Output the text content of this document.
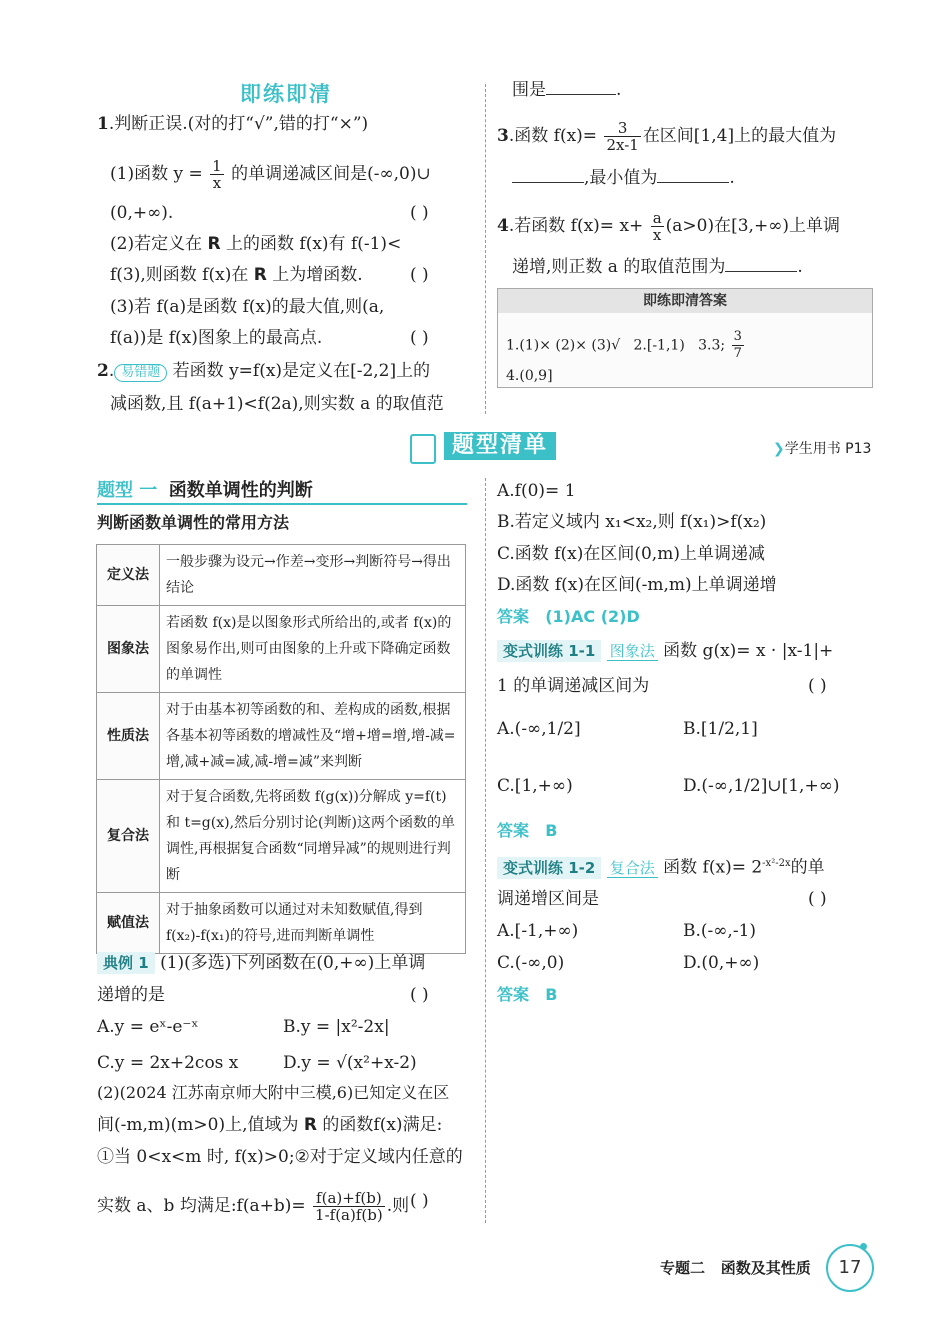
即练即清
1.判断正误.(对的打“√”,错的打“×”)
(1)函数 $y = \frac{1}{x}$ 的单调递减区间是(-∞,0)∪
(0,+∞).	( )
(2)若定义在 R 上的函数 f(x)有 f(-1)<
f(3),则函数 f(x)在 R 上为增函数.	( )
(3)若 f(a)是函数 f(x)的最大值,则(a,
f(a))是 f(x)图象上的最高点.	( )
2. 易错题 若函数 y=f(x)是定义在[-2,2]上的
减函数,且 f(a+1)<f(2a),则实数 a 的取值范
围是	.
3.函数 $f(x)= \frac{3}{2x-1}$ 在区间[1,4]上的最大值为
,最小值为	.
4.若函数 $f(x)= x+ \frac{a}{x} (a>0)$在[3,+∞)上单调
递增,则正数 a 的取值范围为	.
即练即清答案
1.(1)× (2)× (3)√ 2.[-1,1) 3.3; $\frac{3}{7}$
4.(0,9]
题型清单	❯学生用书 P13
题型 一 函数单调性的判断
判断函数单调性的常用方法
定义法	一般步骤为设元→作差→变形→判断符号→得出结论
图象法	若函数 f(x)是以图象形式所给出的,或者 f(x)的图象易作出,则可由图象的上升或下降确定函数的单调性
性质法	对于由基本初等函数的和、差构成的函数,根据各基本初等函数的增减性及“增+增=增,增-减=增,减+减=减,减-增=减”来判断
复合法	对于复合函数,先将函数 f(g(x))分解成 y=f(t)和 t=g(x),然后分别讨论(判断)这两个函数的单调性,再根据复合函数“同增异减”的规则进行判断
赋值法	对于抽象函数可以通过对未知数赋值,得到 f(x₂)-f(x₁)的符号,进而判断单调性
典例 1 (1)(多选)下列函数在(0,+∞)上单调
递增的是	( )
A.y = eˣ-e⁻ˣ	B.y = |x²-2x|
C.y = 2x+2cos x	D.y = √(x²+x-2)
(2)(2024 江苏南京师大附中三模,6)已知定义在区
间(-m,m)(m>0)上,值域为 R 的函数f(x)满足:
①当 0<x<m 时, f(x)>0;②对于定义域内任意的
实数 a、b 均满足:f(a+b)= $\frac{f(a)+f(b)}{1-f(a)f(b)}$ .则 ( )
A.f(0)= 1
B.若定义域内 x₁<x₂,则 f(x₁)>f(x₂)
C.函数 f(x)在区间(0,m)上单调递减
D.函数 f(x)在区间(-m,m)上单调递增
答案 (1)AC (2)D
变式训练 1-1 图象法 函数 g(x)= x · |x-1|+
1 的单调递减区间为	( )
A.(-∞,1/2]	B.[1/2,1]
C.[1,+∞)	D.(-∞,1/2]∪[1,+∞)
答案 B
变式训练 1-2 复合法 函数 $f(x)= 2^{-x^2-2x}$的单
调递增区间是	( )
A.[-1,+∞)	B.(-∞,-1)
C.(-∞,0)	D.(0,+∞)
答案 B
专题二 函数及其性质	17
